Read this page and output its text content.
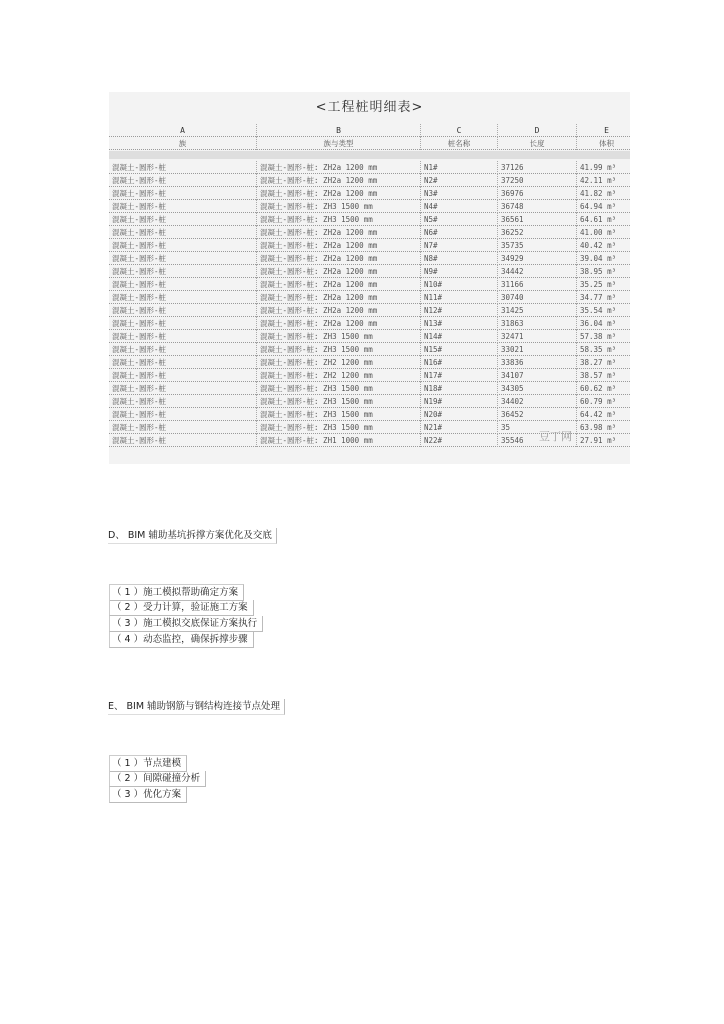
<工程桩明细表>
A	B	C	D	E
族	族与类型	桩名称	长度	体积
混凝土-圆形-桩	混凝土-圆形-桩: ZH2a 1200 mm	N1#	37126	41.99 m³
混凝土-圆形-桩	混凝土-圆形-桩: ZH2a 1200 mm	N2#	37250	42.11 m³
混凝土-圆形-桩	混凝土-圆形-桩: ZH2a 1200 mm	N3#	36976	41.82 m³
混凝土-圆形-桩	混凝土-圆形-桩: ZH3 1500 mm	N4#	36748	64.94 m³
混凝土-圆形-桩	混凝土-圆形-桩: ZH3 1500 mm	N5#	36561	64.61 m³
混凝土-圆形-桩	混凝土-圆形-桩: ZH2a 1200 mm	N6#	36252	41.00 m³
混凝土-圆形-桩	混凝土-圆形-桩: ZH2a 1200 mm	N7#	35735	40.42 m³
混凝土-圆形-桩	混凝土-圆形-桩: ZH2a 1200 mm	N8#	34929	39.04 m³
混凝土-圆形-桩	混凝土-圆形-桩: ZH2a 1200 mm	N9#	34442	38.95 m³
混凝土-圆形-桩	混凝土-圆形-桩: ZH2a 1200 mm	N10#	31166	35.25 m³
混凝土-圆形-桩	混凝土-圆形-桩: ZH2a 1200 mm	N11#	30740	34.77 m³
混凝土-圆形-桩	混凝土-圆形-桩: ZH2a 1200 mm	N12#	31425	35.54 m³
混凝土-圆形-桩	混凝土-圆形-桩: ZH2a 1200 mm	N13#	31863	36.04 m³
混凝土-圆形-桩	混凝土-圆形-桩: ZH3 1500 mm	N14#	32471	57.38 m³
混凝土-圆形-桩	混凝土-圆形-桩: ZH3 1500 mm	N15#	33021	58.35 m³
混凝土-圆形-桩	混凝土-圆形-桩: ZH2 1200 mm	N16#	33836	38.27 m³
混凝土-圆形-桩	混凝土-圆形-桩: ZH2 1200 mm	N17#	34107	38.57 m³
混凝土-圆形-桩	混凝土-圆形-桩: ZH3 1500 mm	N18#	34305	60.62 m³
混凝土-圆形-桩	混凝土-圆形-桩: ZH3 1500 mm	N19#	34402	60.79 m³
混凝土-圆形-桩	混凝土-圆形-桩: ZH3 1500 mm	N20#	36452	64.42 m³
混凝土-圆形-桩	混凝土-圆形-桩: ZH3 1500 mm	N21#	35	63.98 m³
混凝土-圆形-桩	混凝土-圆形-桩: ZH1 1000 mm	N22#	35546	27.91 m³
豆丁网
D、 BIM 辅助基坑拆撑方案优化及交底
（ 1 ）施工模拟帮助确定方案
（ 2 ）受力计算，验证施工方案
（ 3 ）施工模拟交底保证方案执行
（ 4 ）动态监控，确保拆撑步骤
E、 BIM 辅助钢筋与钢结构连接节点处理
（ 1 ）节点建模
（ 2 ）间隙碰撞分析
（ 3 ）优化方案
